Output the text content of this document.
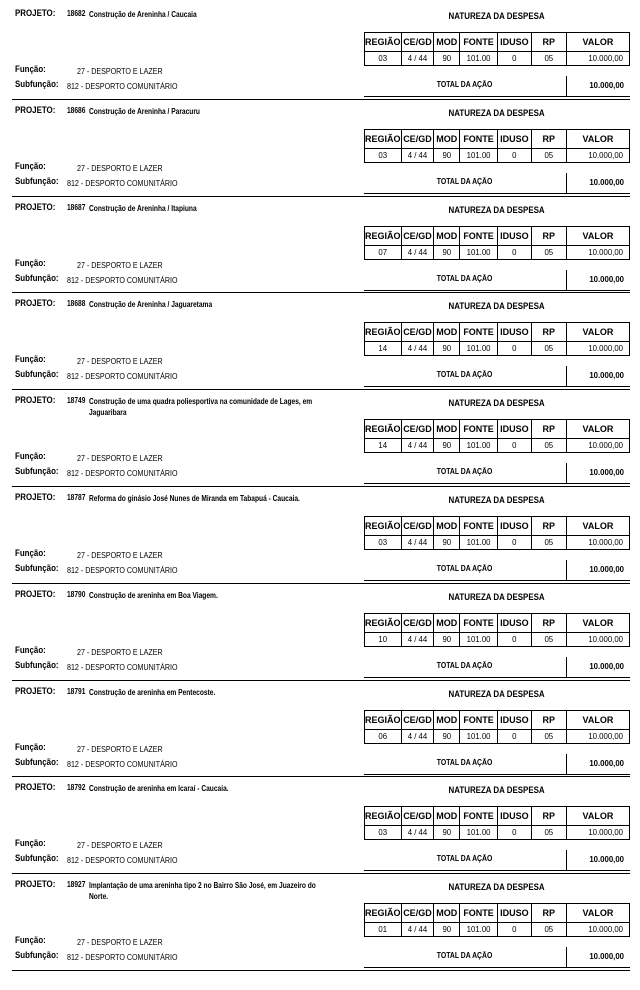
PROJETO: 18682 Construção de Areninha / Caucaia
Função:	27 - DESPORTO E LAZER
Subfunção: 812 - DESPORTO COMUNITÁRIO
NATUREZA DA DESPESA
REGIÃO	CE/GD	MOD	FONTE	IDUSO	RP	VALOR
03	4 / 44	90	101.00	0	05	10.000,00
TOTAL DA AÇÃO	10.000,00
PROJETO: 18686 Construção de Areninha / Paracuru
Função:	27 - DESPORTO E LAZER
Subfunção: 812 - DESPORTO COMUNITÁRIO
NATUREZA DA DESPESA
REGIÃO	CE/GD	MOD	FONTE	IDUSO	RP	VALOR
03	4 / 44	90	101.00	0	05	10.000,00
TOTAL DA AÇÃO	10.000,00
PROJETO: 18687 Construção de Areninha / Itapiuna
Função:	27 - DESPORTO E LAZER
Subfunção: 812 - DESPORTO COMUNITÁRIO
NATUREZA DA DESPESA
REGIÃO	CE/GD	MOD	FONTE	IDUSO	RP	VALOR
07	4 / 44	90	101.00	0	05	10.000,00
TOTAL DA AÇÃO	10.000,00
PROJETO: 18688 Construção de Areninha / Jaguaretama
Função:	27 - DESPORTO E LAZER
Subfunção: 812 - DESPORTO COMUNITÁRIO
NATUREZA DA DESPESA
REGIÃO	CE/GD	MOD	FONTE	IDUSO	RP	VALOR
14	4 / 44	90	101.00	0	05	10.000,00
TOTAL DA AÇÃO	10.000,00
PROJETO: 18749 Construção de uma quadra poliesportiva na comunidade de Lages, em Jaguaribara
Função:	27 - DESPORTO E LAZER
Subfunção: 812 - DESPORTO COMUNITÁRIO
NATUREZA DA DESPESA
REGIÃO	CE/GD	MOD	FONTE	IDUSO	RP	VALOR
14	4 / 44	90	101.00	0	05	10.000,00
TOTAL DA AÇÃO	10.000,00
PROJETO: 18787 Reforma do ginásio José Nunes de Miranda em Tabapuá - Caucaia.
Função:	27 - DESPORTO E LAZER
Subfunção: 812 - DESPORTO COMUNITÁRIO
NATUREZA DA DESPESA
REGIÃO	CE/GD	MOD	FONTE	IDUSO	RP	VALOR
03	4 / 44	90	101.00	0	05	10.000,00
TOTAL DA AÇÃO	10.000,00
PROJETO: 18790 Construção de areninha em Boa Viagem.
Função:	27 - DESPORTO E LAZER
Subfunção: 812 - DESPORTO COMUNITÁRIO
NATUREZA DA DESPESA
REGIÃO	CE/GD	MOD	FONTE	IDUSO	RP	VALOR
10	4 / 44	90	101.00	0	05	10.000,00
TOTAL DA AÇÃO	10.000,00
PROJETO: 18791 Construção de areninha em Pentecoste.
Função:	27 - DESPORTO E LAZER
Subfunção: 812 - DESPORTO COMUNITÁRIO
NATUREZA DA DESPESA
REGIÃO	CE/GD	MOD	FONTE	IDUSO	RP	VALOR
06	4 / 44	90	101.00	0	05	10.000,00
TOTAL DA AÇÃO	10.000,00
PROJETO: 18792 Construção de areninha em Icaraí - Caucaia.
Função:	27 - DESPORTO E LAZER
Subfunção: 812 - DESPORTO COMUNITÁRIO
NATUREZA DA DESPESA
REGIÃO	CE/GD	MOD	FONTE	IDUSO	RP	VALOR
03	4 / 44	90	101.00	0	05	10.000,00
TOTAL DA AÇÃO	10.000,00
PROJETO: 18927 Implantação de uma areninha tipo 2 no Bairro São José, em Juazeiro do Norte.
Função:	27 - DESPORTO E LAZER
Subfunção: 812 - DESPORTO COMUNITÁRIO
NATUREZA DA DESPESA
REGIÃO	CE/GD	MOD	FONTE	IDUSO	RP	VALOR
01	4 / 44	90	101.00	0	05	10.000,00
TOTAL DA AÇÃO	10.000,00
